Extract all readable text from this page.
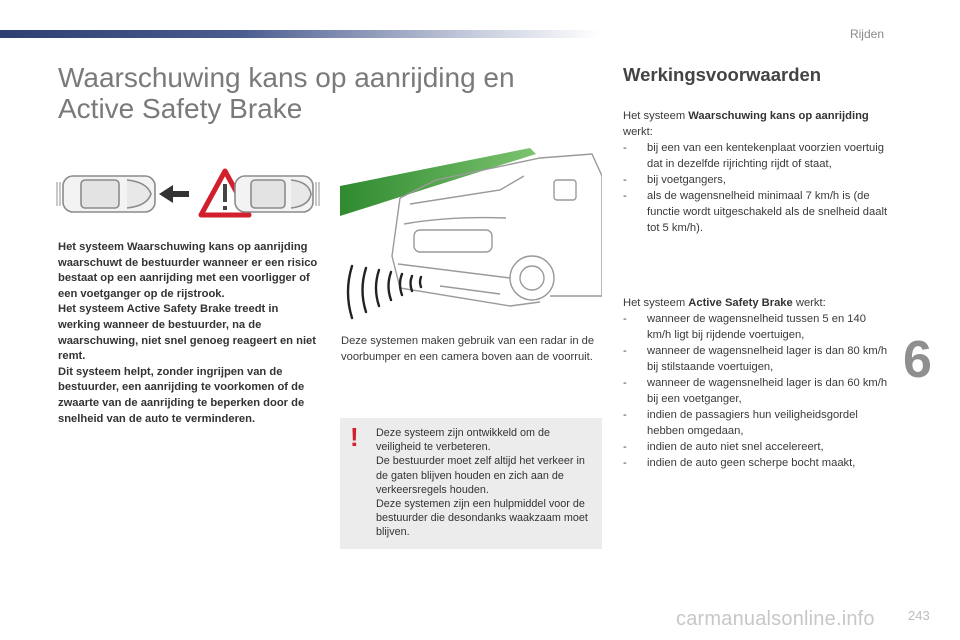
Rijden
Waarschuwing kans op aanrijding en Active Safety Brake

Het systeem Waarschuwing kans op aanrijding waarschuwt de bestuurder wanneer er een risico bestaat op een aanrijding met een voorligger of een voetganger op de rijstrook.

Het systeem Active Safety Brake treedt in werking wanneer de bestuurder, na de waarschuwing, niet snel genoeg reageert en niet remt.

Dit systeem helpt, zonder ingrijpen van de bestuurder, een aanrijding te voorkomen of de zwaarte van de aanrijding te beperken door de snelheid van de auto te verminderen.

Deze systemen maken gebruik van een radar in de voorbumper en een camera boven aan de voorruit.

! Deze systeem zijn ontwikkeld om de veiligheid te verbeteren.

De bestuurder moet zelf altijd het verkeer in de gaten blijven houden en zich aan de verkeersregels houden.

Deze systemen zijn een hulpmiddel voor de bestuurder die desondanks waakzaam moet blijven.

Werkingsvoorwaarden

Het systeem Waarschuwing kans op aanrijding werkt:

- bij een van een kentekenplaat voorzien voertuig dat in dezelfde rijrichting rijdt of staat,
- bij voetgangers,
- als de wagensnelheid minimaal 7 km/h is (de functie wordt uitgeschakeld als de snelheid daalt tot 5 km/h).

Het systeem Active Safety Brake werkt:

- wanneer de wagensnelheid tussen 5 en 140 km/h ligt bij rijdende voertuigen,
- wanneer de wagensnelheid lager is dan 80 km/h bij stilstaande voertuigen,
- wanneer de wagensnelheid lager is dan 60 km/h bij een voetganger,
- indien de passagiers hun veiligheidsgordel hebben omgedaan,
- indien de auto niet snel accelereert,
- indien de auto geen scherpe bocht maakt,
6
carmanualsonline.info	243
